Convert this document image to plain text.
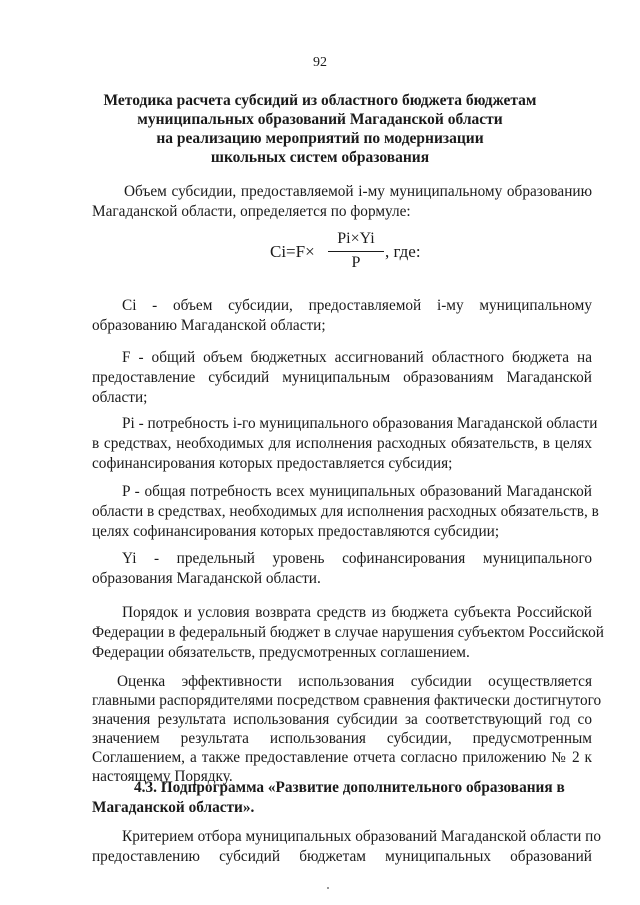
92
Методика расчета субсидий из областного бюджета бюджетам
муниципальных образований Магаданской области
на реализацию мероприятий по модернизации
школьных систем образования
Объем субсидии, предоставляемой i-му муниципальному образованию
Магаданской области, определяется по формуле:
Ci=F×
Pi×Yi
P
, где:
Ci - объем субсидии, предоставляемой i-му муниципальному
образованию Магаданской области;
F - общий объем бюджетных ассигнований областного бюджета на
предоставление субсидий муниципальным образованиям Магаданской
области;
Pi - потребность i-го муниципального образования Магаданской области
в средствах, необходимых для исполнения расходных обязательств, в целях
софинансирования которых предоставляется субсидия;
P - общая потребность всех муниципальных образований Магаданской
области в средствах, необходимых для исполнения расходных обязательств, в
целях софинансирования которых предоставляются субсидии;
Yi - предельный уровень софинансирования муниципального
образования Магаданской области.
Порядок и условия возврата средств из бюджета субъекта Российской
Федерации в федеральный бюджет в случае нарушения субъектом Российской
Федерации обязательств, предусмотренных соглашением.
Оценка эффективности использования субсидии осуществляется
главными распорядителями посредством сравнения фактически достигнутого
значения результата использования субсидии за соответствующий год со
значением результата использования субсидии, предусмотренным
Соглашением, а также предоставление отчета согласно приложению № 2 к
настоящему Порядку.
4.3. Подпрограмма «Развитие дополнительного образования в
Магаданской области».
Критерием отбора муниципальных образований Магаданской области по
предоставлению субсидий бюджетам муниципальных образований
